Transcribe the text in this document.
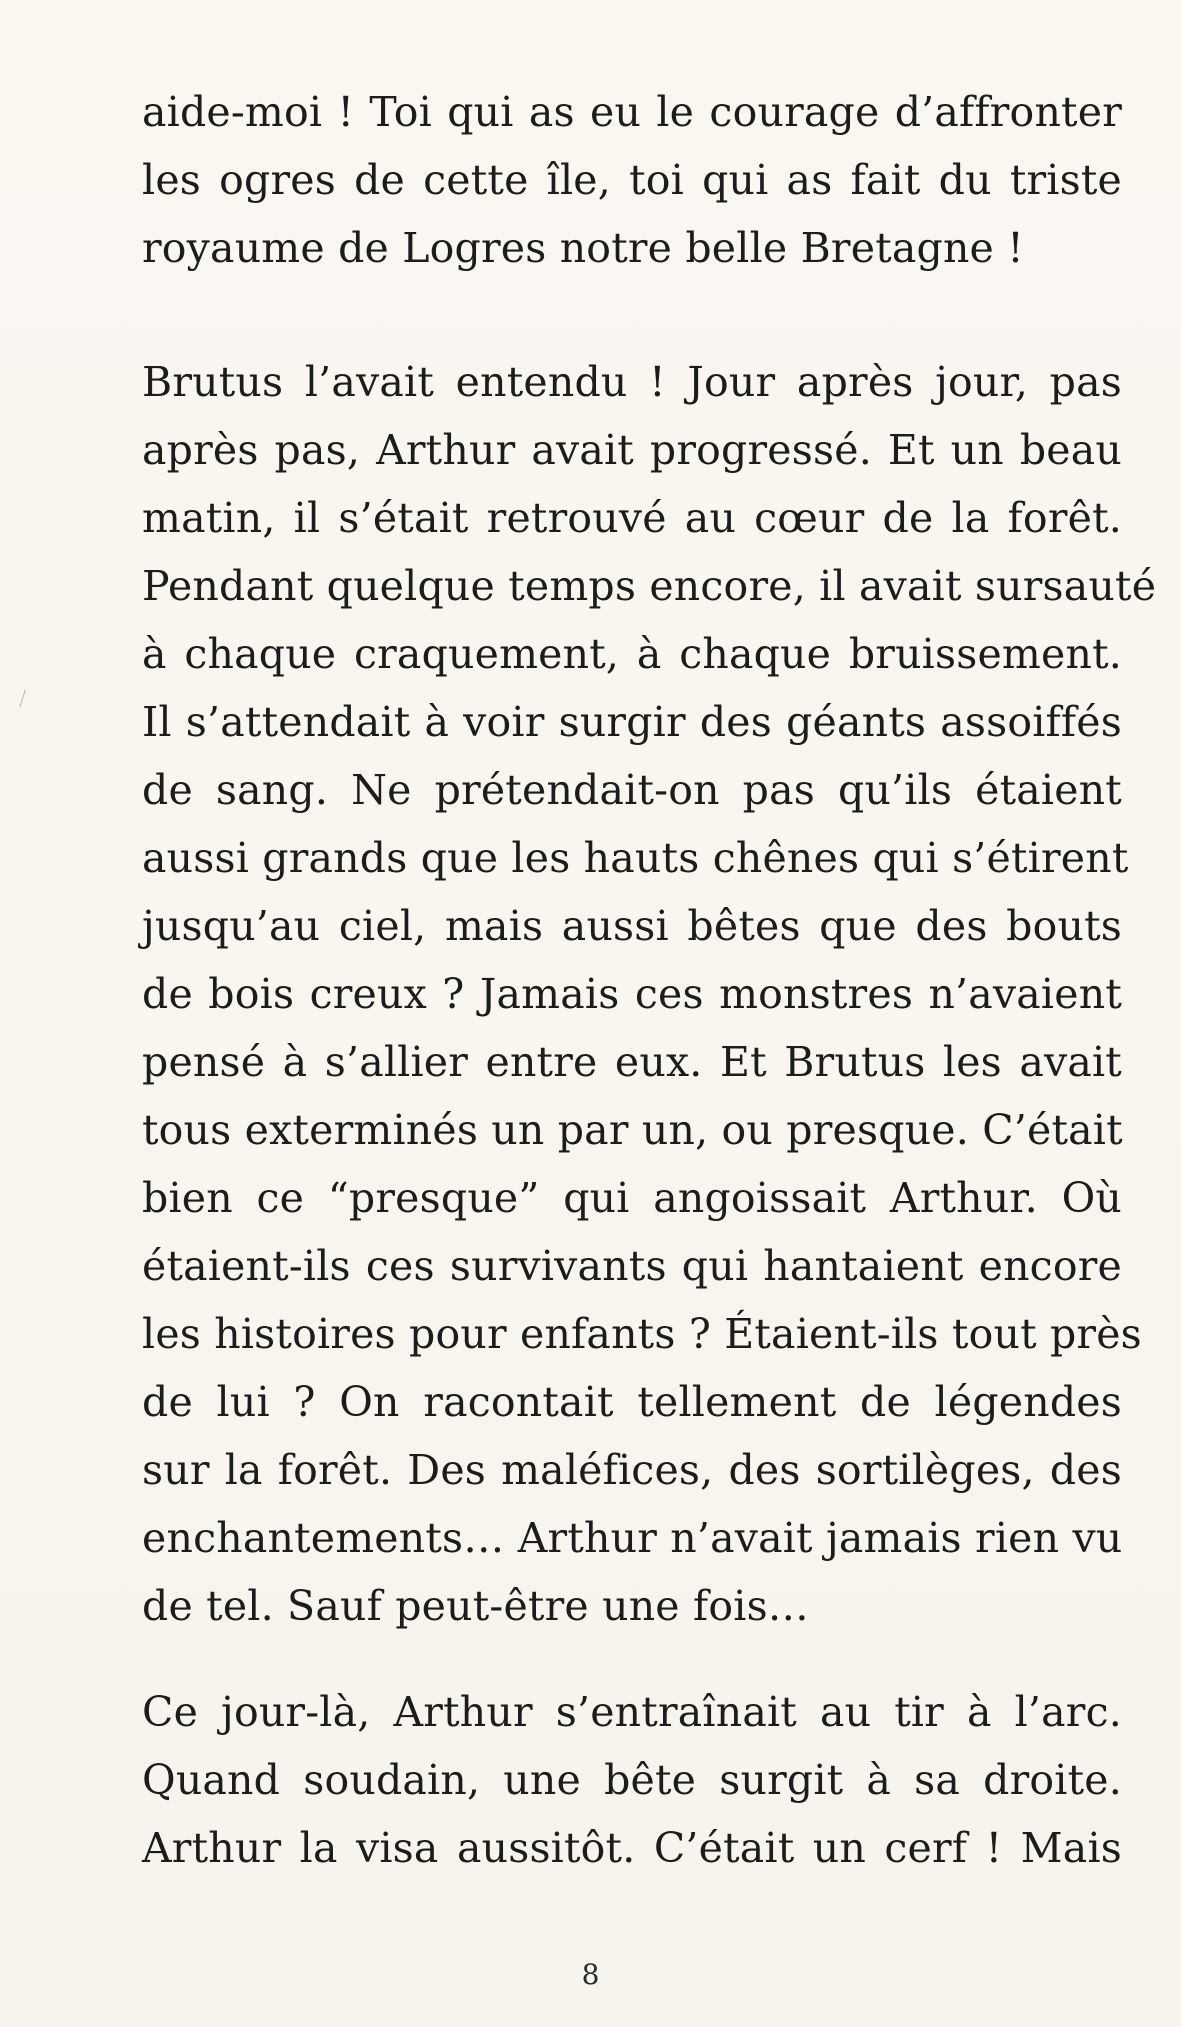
aide-moi ! Toi qui as eu le courage d’affronter
les ogres de cette île, toi qui as fait du triste
royaume de Logres notre belle Bretagne !
Brutus l’avait entendu ! Jour après jour, pas
après pas, Arthur avait progressé. Et un beau
matin, il s’était retrouvé au cœur de la forêt.
Pendant quelque temps encore, il avait sursauté
à chaque craquement, à chaque bruissement.
Il s’attendait à voir surgir des géants assoiffés
de sang. Ne prétendait-on pas qu’ils étaient
aussi grands que les hauts chênes qui s’étirent
jusqu’au ciel, mais aussi bêtes que des bouts
de bois creux ? Jamais ces monstres n’avaient
pensé à s’allier entre eux. Et Brutus les avait
tous exterminés un par un, ou presque. C’était
bien ce “presque” qui angoissait Arthur. Où
étaient-ils ces survivants qui hantaient encore
les histoires pour enfants ? Étaient-ils tout près
de lui ? On racontait tellement de légendes
sur la forêt. Des maléfices, des sortilèges, des
enchantements… Arthur n’avait jamais rien vu
de tel. Sauf peut-être une fois…
Ce jour-là, Arthur s’entraînait au tir à l’arc.
Quand soudain, une bête surgit à sa droite.
Arthur la visa aussitôt. C’était un cerf ! Mais
8
